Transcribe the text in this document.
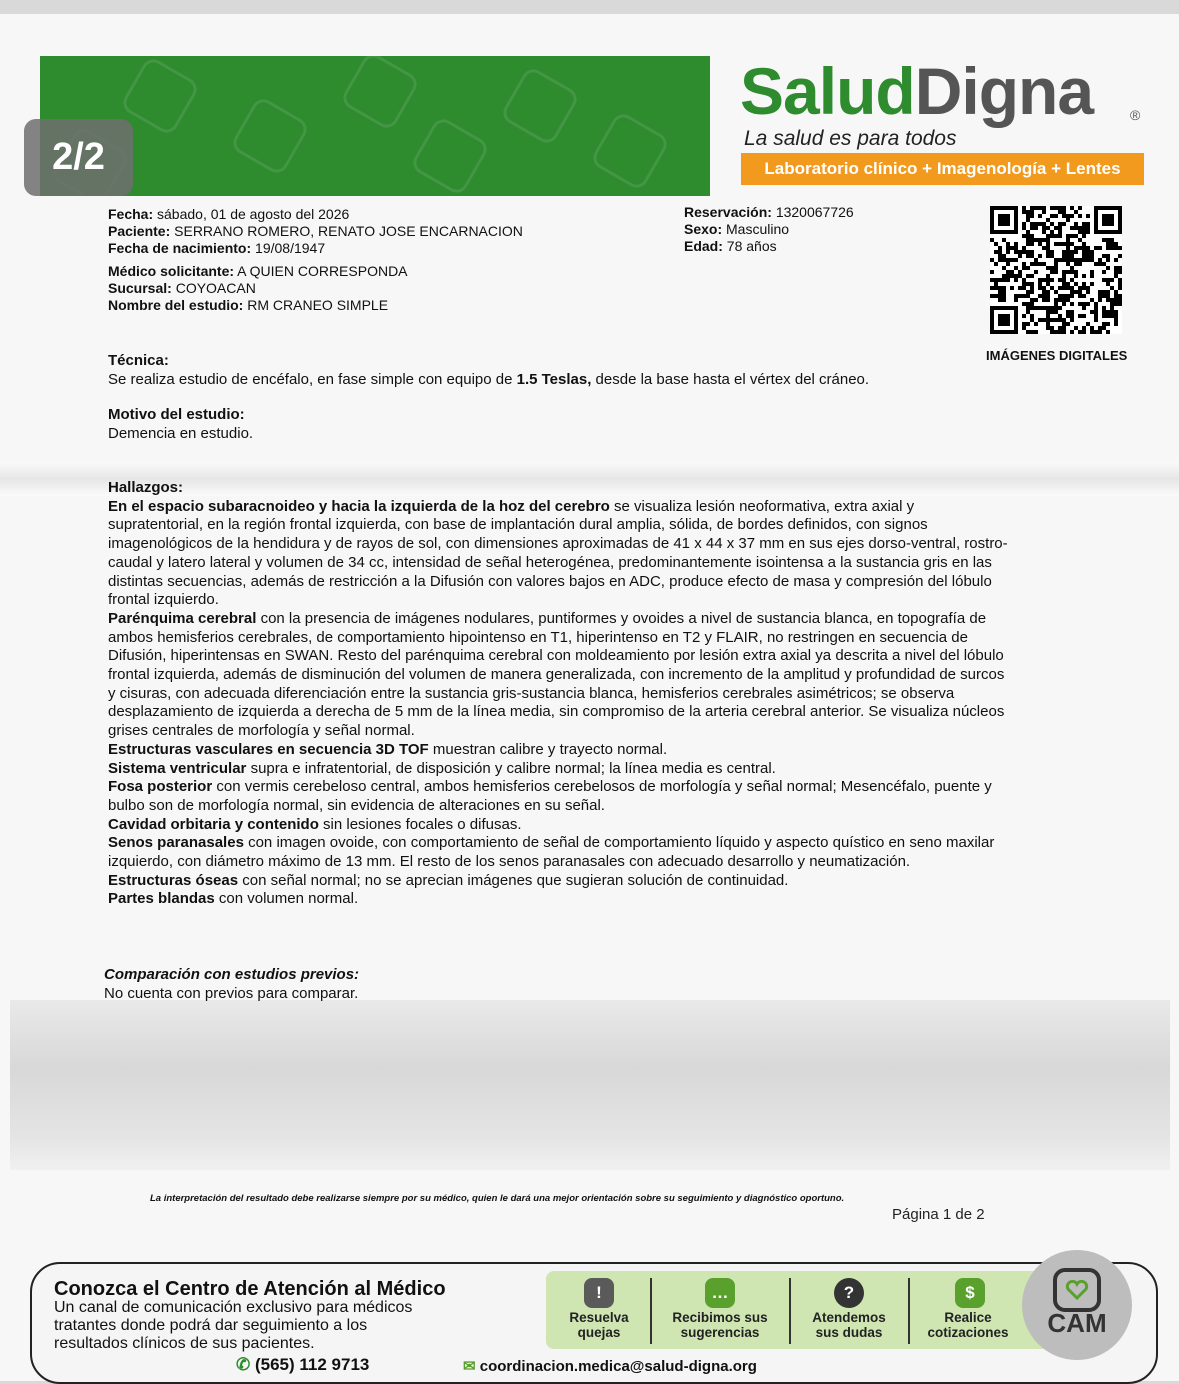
2/2
SaludDigna	®
La salud es para todos
Laboratorio clínico + Imagenología + Lentes
Fecha: sábado, 01 de agosto del 2026
Paciente: SERRANO ROMERO, RENATO JOSE ENCARNACION
Fecha de nacimiento: 19/08/1947
Médico solicitante: A QUIEN CORRESPONDA
Sucursal: COYOACAN
Nombre del estudio: RM CRANEO SIMPLE
Reservación: 1320067726
Sexo: Masculino
Edad: 78 años
IMÁGENES DIGITALES
Técnica:

Se realiza estudio de encéfalo, en fase simple con equipo de 1.5 Teslas, desde la base hasta el vértex del cráneo.

Motivo del estudio:

Demencia en estudio.

Hallazgos:

En el espacio subaracnoideo y hacia la izquierda de la hoz del cerebro se visualiza lesión neoformativa, extra axial y supratentorial, en la región frontal izquierda, con base de implantación dural amplia, sólida, de bordes definidos, con signos imagenológicos de la hendidura y de rayos de sol, con dimensiones aproximadas de 41 x 44 x 37 mm en sus ejes dorso-ventral, rostro-caudal y latero lateral y volumen de 34 cc, intensidad de señal heterogénea, predominantemente isointensa a la sustancia gris en las distintas secuencias, además de restricción a la Difusión con valores bajos en ADC, produce efecto de masa y compresión del lóbulo frontal izquierdo.

Parénquima cerebral con la presencia de imágenes nodulares, puntiformes y ovoides a nivel de sustancia blanca, en topografía de ambos hemisferios cerebrales, de comportamiento hipointenso en T1, hiperintenso en T2 y FLAIR, no restringen en secuencia de Difusión, hiperintensas en SWAN. Resto del parénquima cerebral con moldeamiento por lesión extra axial ya descrita a nivel del lóbulo frontal izquierda, además de disminución del volumen de manera generalizada, con incremento de la amplitud y profundidad de surcos y cisuras, con adecuada diferenciación entre la sustancia gris-sustancia blanca, hemisferios cerebrales asimétricos; se observa desplazamiento de izquierda a derecha de 5 mm de la línea media, sin compromiso de la arteria cerebral anterior. Se visualiza núcleos grises centrales de morfología y señal normal.

Estructuras vasculares en secuencia 3D TOF muestran calibre y trayecto normal.

Sistema ventricular supra e infratentorial, de disposición y calibre normal; la línea media es central.

Fosa posterior con vermis cerebeloso central, ambos hemisferios cerebelosos de morfología y señal normal; Mesencéfalo, puente y bulbo son de morfología normal, sin evidencia de alteraciones en su señal.

Cavidad orbitaria y contenido sin lesiones focales o difusas.

Senos paranasales con imagen ovoide, con comportamiento de señal de comportamiento líquido y aspecto quístico en seno maxilar izquierdo, con diámetro máximo de 13 mm. El resto de los senos paranasales con adecuado desarrollo y neumatización.

Estructuras óseas con señal normal; no se aprecian imágenes que sugieran solución de continuidad.

Partes blandas con volumen normal.

Comparación con estudios previos:

No cuenta con previos para comparar.

La interpretación del resultado debe realizarse siempre por su médico, quien le dará una mejor orientación sobre su seguimiento y diagnóstico oportuno.
Página 1 de 2
Conozca el Centro de Atención al Médico
Un canal de comunicación exclusivo para médicos
tratantes donde podrá dar seguimiento a los
resultados clínicos de sus pacientes.
!
Resuelva
quejas
…
Recibimos sus
sugerencias
?
Atendemos
sus dudas
$
Realice
cotizaciones	CAM
✆ (565) 112 9713	✉ coordinacion.medica@salud-digna.org
